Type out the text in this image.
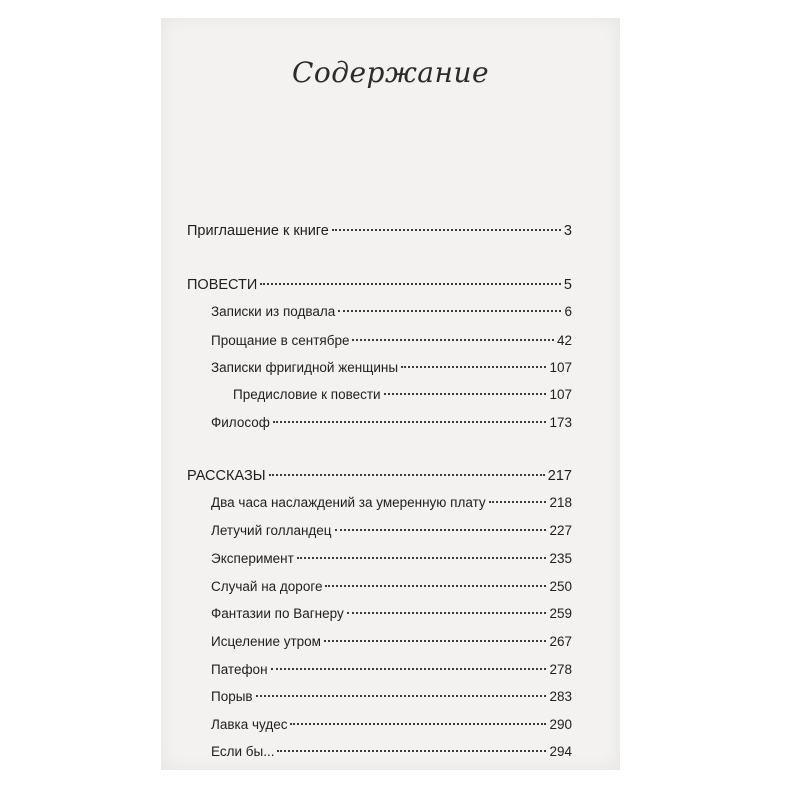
Содержание
Приглашение к книге	3
ПОВЕСТИ	5
Записки из подвала	6
Прощание в сентябре	42
Записки фригидной женщины	107
Предисловие к повести	107
Философ	173
РАССКАЗЫ	217
Два часа наслаждений за умеренную плату	218
Летучий голландец	227
Эксперимент	235
Случай на дороге	250
Фантазии по Вагнеру	259
Исцеление утром	267
Патефон	278
Порыв	283
Лавка чудес	290
Если бы...	294
